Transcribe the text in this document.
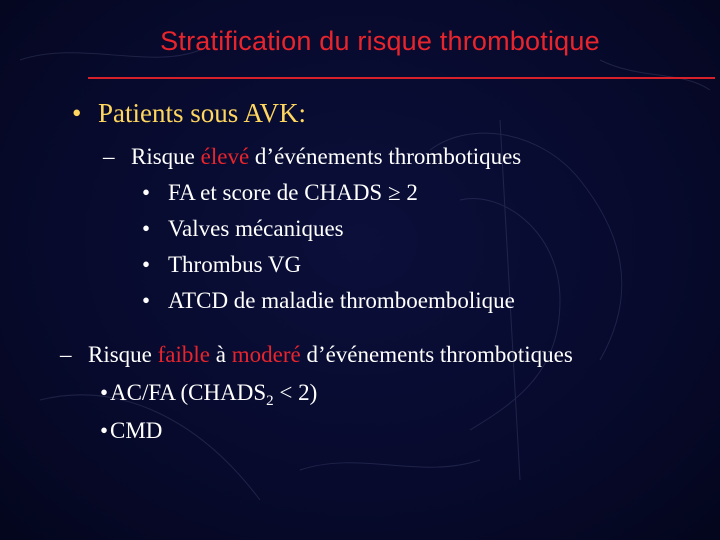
Stratification du risque thrombotique
• Patients sous AVK:
– Risque élevé d’événements thrombotiques
• FA et score de CHADS ≥ 2
• Valves mécaniques
• Thrombus VG
• ATCD de maladie thromboembolique
– Risque faible à moderé d’événements thrombotiques
•AC/FA $(CHADS_2 < 2)$
•CMD
